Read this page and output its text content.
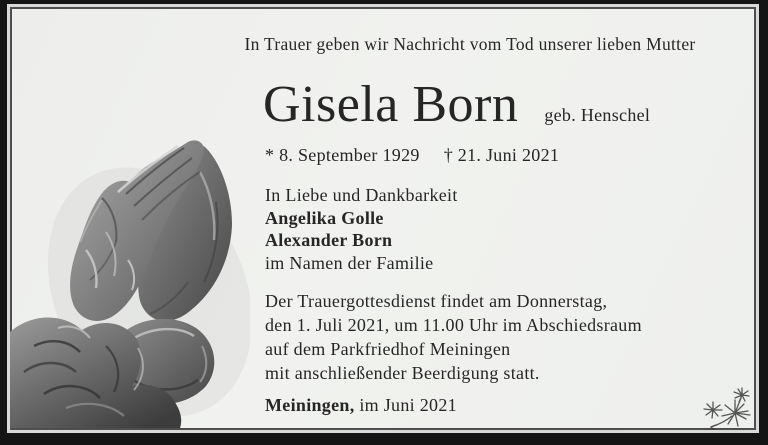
In Trauer geben wir Nachricht vom Tod unserer lieben Mutter
Gisela Born geb. Henschel
* 8. September 1929 † 21. Juni 2021
In Liebe und Dankbarkeit
Angelika Golle
Alexander Born
im Namen der Familie
Der Trauergottesdienst findet am Donnerstag,
den 1. Juli 2021, um 11.00 Uhr im Abschiedsraum
auf dem Parkfriedhof Meiningen
mit anschließender Beerdigung statt.
Meiningen, im Juni 2021
